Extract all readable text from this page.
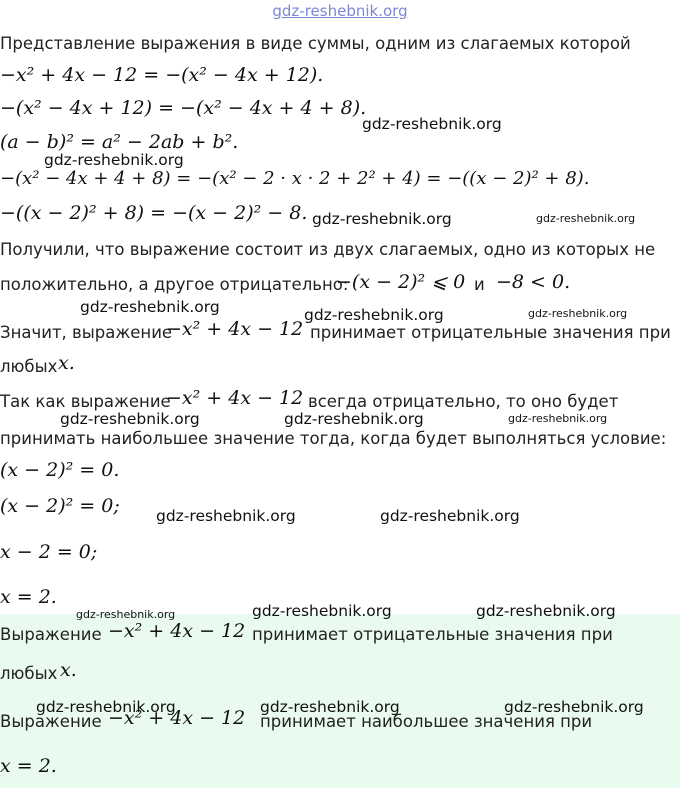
gdz-reshebnik.org
Представление выражения в виде суммы, одним из слагаемых которой
−x² + 4x − 12 = −(x² − 4x + 12).
−(x² − 4x + 12) = −(x² − 4x + 4 + 8).
(a − b)² = a² − 2ab + b².
−(x² − 4x + 4 + 8) = −(x² − 2 · x · 2 + 2² + 4) = −((x − 2)² + 8).
−((x − 2)² + 8) = −(x − 2)² − 8.
Получили, что выражение состоит из двух слагаемых, одно из которых не
положительно, а другое отрицательно:
−(x − 2)² ⩽ 0 и −8 < 0.
Значит, выражение
−x² + 4x − 12 принимает отрицательные значения при
любых x.
Так как выражение
−x² + 4x − 12 всегда отрицательно, то оно будет
принимать наибольшее значение тогда, когда будет выполняться условие:
(x − 2)² = 0.
(x − 2)² = 0;
x − 2 = 0;
x = 2.
Выражение −x² + 4x − 12 принимает отрицательные значения при
любых x.
Выражение −x² + 4x − 12 принимает наибольшее значения при
x = 2.
gdz-reshebnik.org
gdz-reshebnik.org
gdz-reshebnik.org	gdz-reshebnik.org
gdz-reshebnik.org	gdz-reshebnik.org	gdz-reshebnik.org
gdz-reshebnik.org	gdz-reshebnik.org	gdz-reshebnik.org
gdz-reshebnik.org	gdz-reshebnik.org
gdz-reshebnik.org	gdz-reshebnik.org	gdz-reshebnik.org
gdz-reshebnik.org	gdz-reshebnik.org	gdz-reshebnik.org
